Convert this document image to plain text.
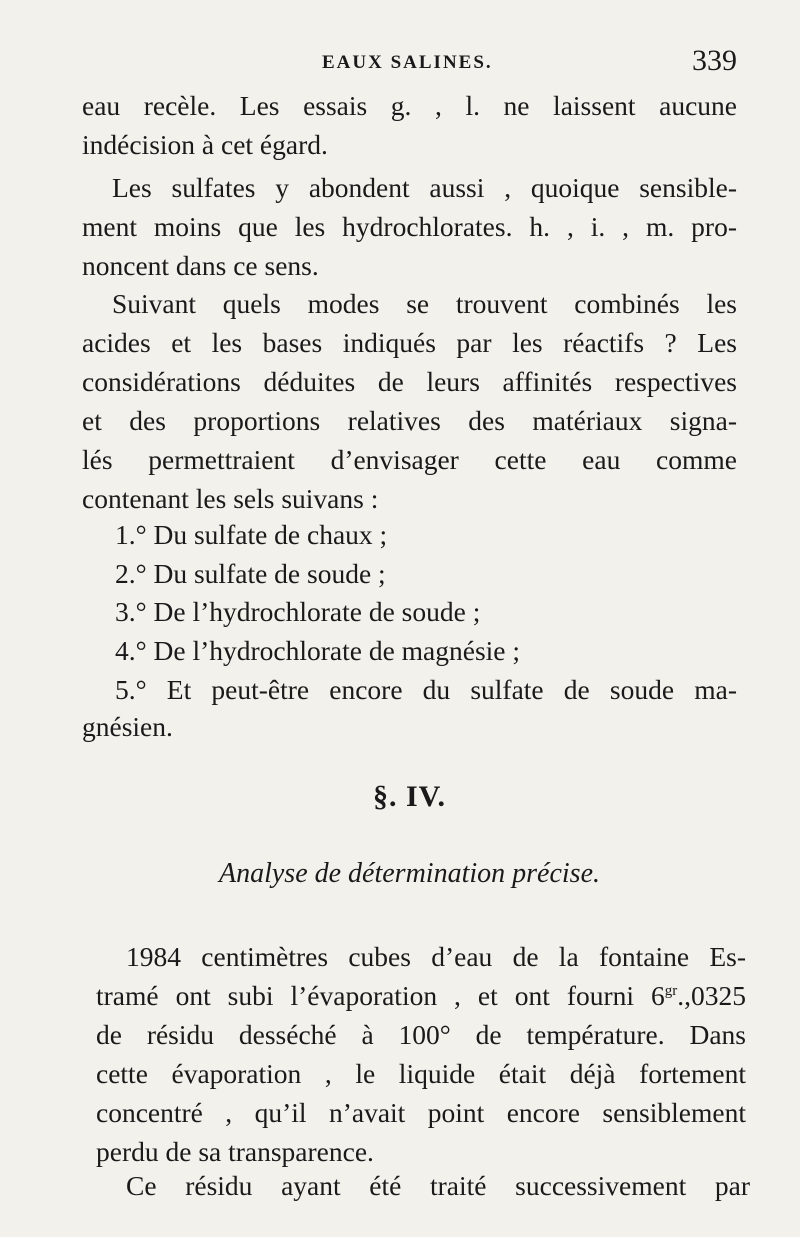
EAUX SALINES.	339
eau recèle. Les essais g. , l. ne laissent aucune
indécision à cet égard.
Les sulfates y abondent aussi , quoique sensible-
ment moins que les hydrochlorates. h. , i. , m. pro-
noncent dans ce sens.
Suivant quels modes se trouvent combinés les
acides et les bases indiqués par les réactifs ? Les
considérations déduites de leurs affinités respectives
et des proportions relatives des matériaux signa-
lés permettraient d’envisager cette eau comme
contenant les sels suivans :
1.° Du sulfate de chaux ;
2.° Du sulfate de soude ;
3.° De l’hydrochlorate de soude ;
4.° De l’hydrochlorate de magnésie ;
5.° Et peut-être encore du sulfate de soude ma-
gnésien.
§. IV.
Analyse de détermination précise.
1984 centimètres cubes d’eau de la fontaine Es-
tramé ont subi l’évaporation , et ont fourni $6^{gr}.,0325$
de résidu desséché à 100° de température. Dans
cette évaporation , le liquide était déjà fortement
concentré , qu’il n’avait point encore sensiblement
perdu de sa transparence.
Ce résidu ayant été traité successivement par
